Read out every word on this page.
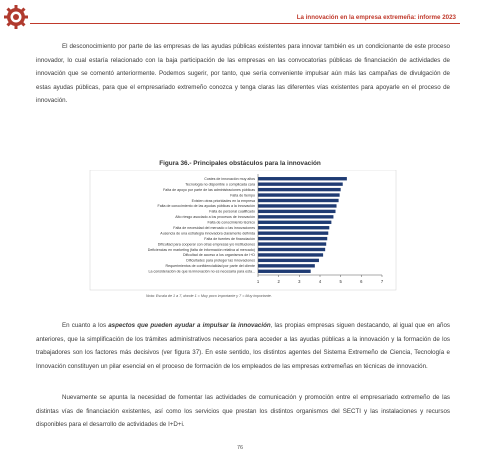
La innovación en la empresa extremeña: informe 2023

El desconocimiento por parte de las empresas de las ayudas públicas existentes para innovar también es un condicionante de este proceso innovador, lo cual estaría relacionado con la baja participación de las empresas en las convocatorias públicas de financiación de actividades de innovación que se comentó anteriormente. Podemos sugerir, por tanto, que sería conveniente impulsar aún más las campañas de divulgación de estas ayudas públicas, para que el empresariado extremeño conozca y tenga claras las diferentes vías existentes para apoyarle en el proceso de innovación.

Figura 36.- Principales obstáculos para la innovación
Costes de innovación muy altos
Tecnología no disponible o complicada cara
Falta de apoyo por parte de las administraciones públicas
Falta de tiempo
Existen otras prioridades en la empresa
Falta de conocimiento de las ayudas públicas a la innovación
Falta de personal cualificado
Alto riesgo asociado a los procesos de innovación
Falta de conocimiento técnico
Falta de necesidad del mercado o las innovaciones
Ausencia de una estrategia innovadora claramente definida
Falta de fuentes de financiación
Dificultad para cooperar con otras empresas y/o instituciones
Deficiencias en marketing (falta de información relativa al mercado)
Dificultad de acceso a los organismos de I+D
Dificultades para proteger las innovaciones
Requerimientos de confidencialidad por parte del cliente
La consideración de que la innovación no es necesaria para esta...
1	2	3	4	5	6	7
Nota: Escala de 1 a 7, donde 1 = Muy poco importante y 7 = Muy importante.

En cuanto a los aspectos que pueden ayudar a impulsar la innovación, las propias empresas siguen destacando, al igual que en años anteriores, que la simplificación de los trámites administrativos necesarios para acceder a las ayudas públicas a la innovación y la formación de los trabajadores son los factores más decisivos (ver figura 37). En este sentido, los distintos agentes del Sistema Extremeño de Ciencia, Tecnología e Innovación constituyen un pilar esencial en el proceso de formación de los empleados de las empresas extremeñas en técnicas de innovación.

Nuevamente se apunta la necesidad de fomentar las actividades de comunicación y promoción entre el empresariado extremeño de las distintas vías de financiación existentes, así como los servicios que prestan los distintos organismos del SECTI y las instalaciones y recursos disponibles para el desarrollo de actividades de I+D+i.

76
